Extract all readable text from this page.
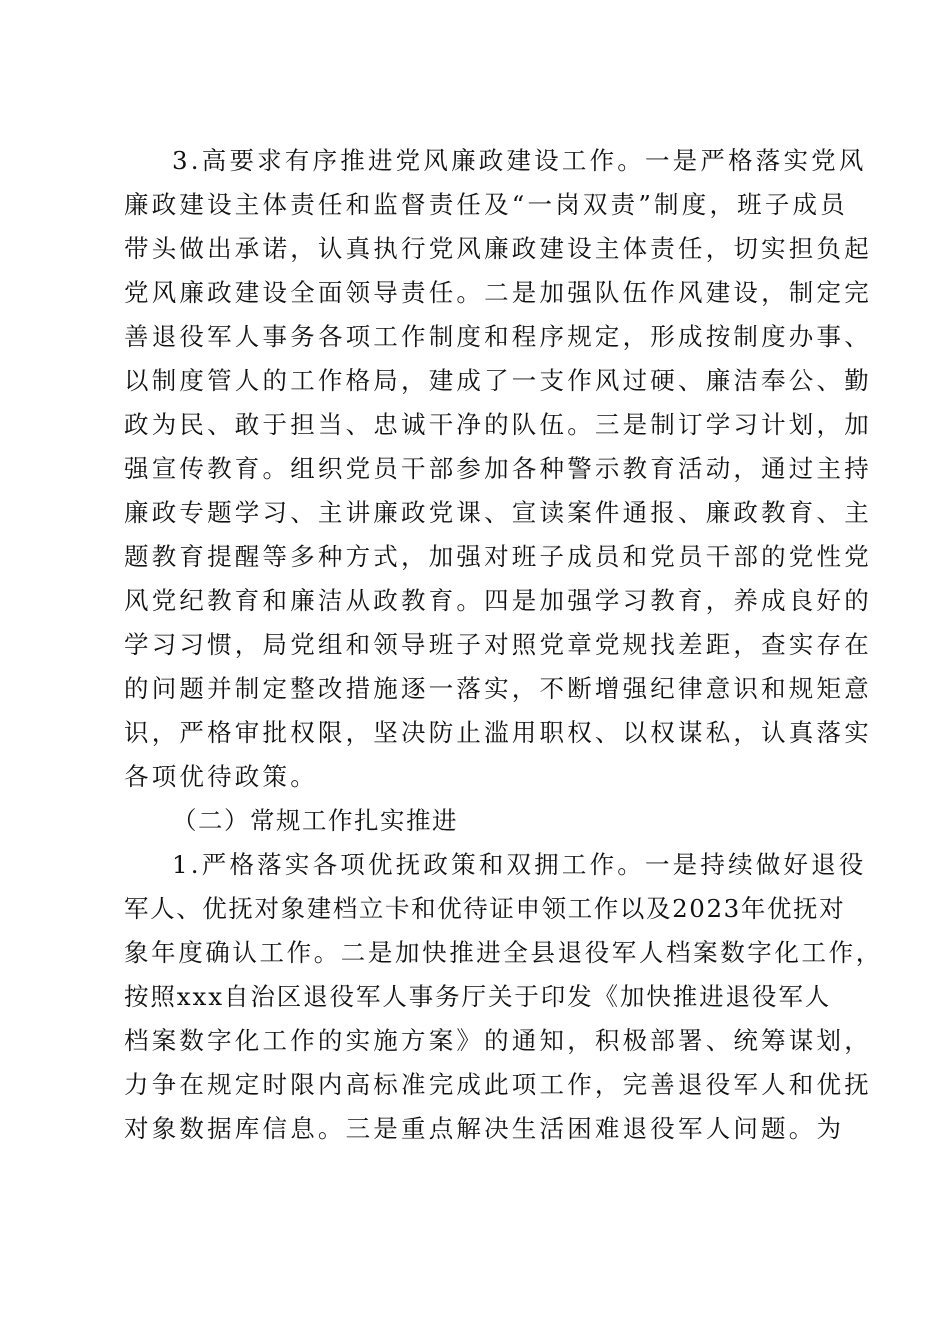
3.高要求有序推进党风廉政建设工作。一是严格落实党风
廉政建设主体责任和监督责任及“一岗双责”制度，班子成员
带头做出承诺，认真执行党风廉政建设主体责任，切实担负起
党风廉政建设全面领导责任。二是加强队伍作风建设，制定完
善退役军人事务各项工作制度和程序规定，形成按制度办事、
以制度管人的工作格局，建成了一支作风过硬、廉洁奉公、勤
政为民、敢于担当、忠诚干净的队伍。三是制订学习计划，加
强宣传教育。组织党员干部参加各种警示教育活动，通过主持
廉政专题学习、主讲廉政党课、宣读案件通报、廉政教育、主
题教育提醒等多种方式，加强对班子成员和党员干部的党性党
风党纪教育和廉洁从政教育。四是加强学习教育，养成良好的
学习习惯，局党组和领导班子对照党章党规找差距，查实存在
的问题并制定整改措施逐一落实，不断增强纪律意识和规矩意
识，严格审批权限，坚决防止滥用职权、以权谋私，认真落实
各项优待政策。
（二）常规工作扎实推进
1.严格落实各项优抚政策和双拥工作。一是持续做好退役
军人、优抚对象建档立卡和优待证申领工作以及2023年优抚对
象年度确认工作。二是加快推进全县退役军人档案数字化工作，
按照xxx自治区退役军人事务厅关于印发《加快推进退役军人
档案数字化工作的实施方案》的通知，积极部署、统筹谋划，
力争在规定时限内高标准完成此项工作，完善退役军人和优抚
对象数据库信息。三是重点解决生活困难退役军人问题。为
